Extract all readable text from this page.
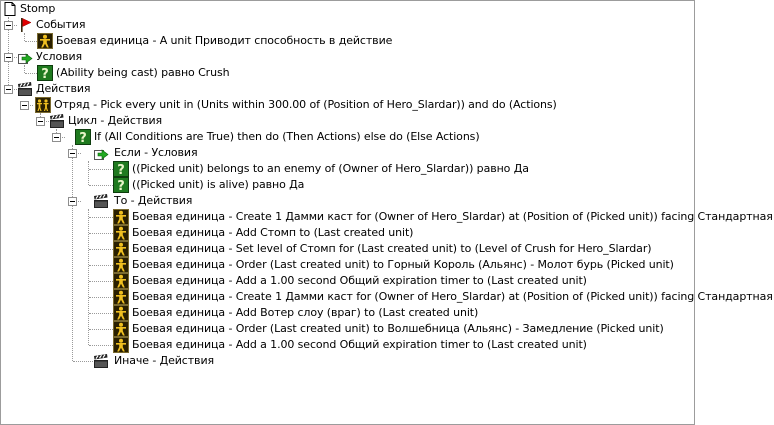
Stomp
События
Боевая единица - A unit Приводит способность в действие
Условия
? (Ability being cast) равно Crush
Действия
Отряд - Pick every unit in (Units within 300.00 of (Position of Hero_Slardar)) and do (Actions)
Цикл - Действия
? If (All Conditions are True) then do (Then Actions) else do (Else Actions)
Если - Условия
? ((Picked unit) belongs to an enemy of (Owner of Hero_Slardar)) равно Да
? ((Picked unit) is alive) равно Да
То - Действия
Боевая единица - Create 1 Дамми каст for (Owner of Hero_Slardar) at (Position of (Picked unit)) facing Стандартная
Боевая единица - Add Стомп to (Last created unit)
Боевая единица - Set level of Стомп for (Last created unit) to (Level of Crush for Hero_Slardar)
Боевая единица - Order (Last created unit) to Горный Король (Альянс) - Молот бурь (Picked unit)
Боевая единица - Add a 1.00 second Общий expiration timer to (Last created unit)
Боевая единица - Create 1 Дамми каст for (Owner of Hero_Slardar) at (Position of (Picked unit)) facing Стандартная
Боевая единица - Add Вотер слоу (враг) to (Last created unit)
Боевая единица - Order (Last created unit) to Волшебница (Альянс) - Замедление (Picked unit)
Боевая единица - Add a 1.00 second Общий expiration timer to (Last created unit)
Иначе - Действия
